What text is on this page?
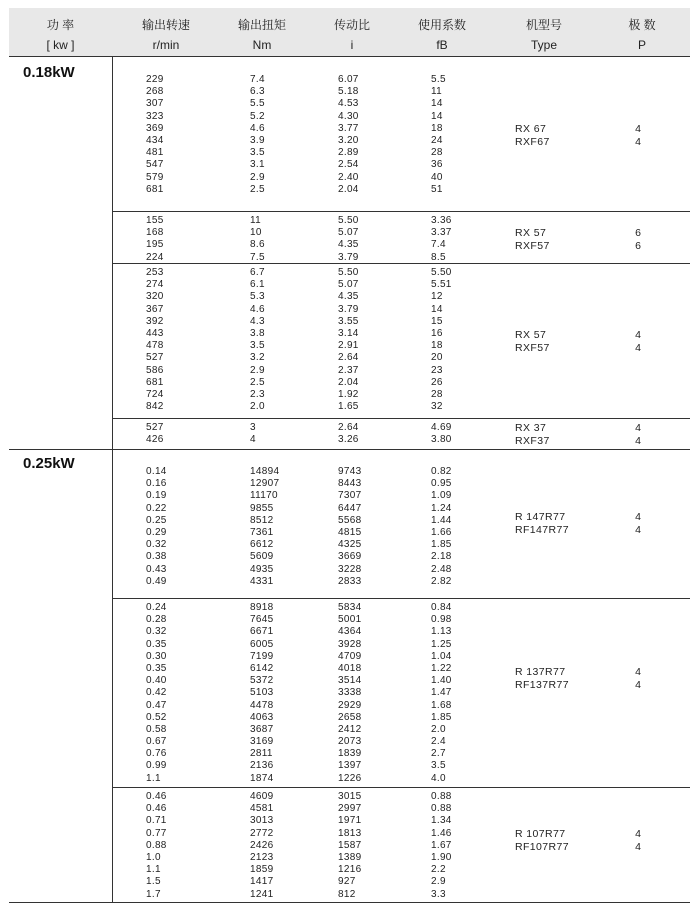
功 率
[ kw ]
输出转速
r/min
输出扭矩
Nm
传动比
i
使用系数
fB
机型号
Type
极 数
P
0.18kW	229
268
307
323
369
434
481
547
579
681
7.4
6.3
5.5
5.2
4.6
3.9
3.5
3.1
2.9
2.5
6.07
5.18
4.53
4.30
3.77
3.20
2.89
2.54
2.40
2.04
5.5
11
14
14
18
24
28
36
40
51
RX 67
RXF67
4
4
155
168
195
224
11
10
8.6
7.5
5.50
5.07
4.35
3.79
3.36
3.37
7.4
8.5
RX 57
RXF57
6
6
253
274
320
367
392
443
478
527
586
681
724
842
6.7
6.1
5.3
4.6
4.3
3.8
3.5
3.2
2.9
2.5
2.3
2.0
5.50
5.07
4.35
3.79
3.55
3.14
2.91
2.64
2.37
2.04
1.92
1.65
5.50
5.51
12
14
15
16
18
20
23
26
28
32
RX 57
RXF57
4
4
527
426
3
4
2.64
3.26
4.69
3.80
RX 37
RXF37
4
4
0.25kW	0.14
0.16
0.19
0.22
0.25
0.29
0.32
0.38
0.43
0.49
14894
12907
11170
9855
8512
7361
6612
5609
4935
4331
9743
8443
7307
6447
5568
4815
4325
3669
3228
2833
0.82
0.95
1.09
1.24
1.44
1.66
1.85
2.18
2.48
2.82
R 147R77
RF147R77
4
4
0.24
0.28
0.32
0.35
0.30
0.35
0.40
0.42
0.47
0.52
0.58
0.67
0.76
0.99
1.1
8918
7645
6671
6005
7199
6142
5372
5103
4478
4063
3687
3169
2811
2136
1874
5834
5001
4364
3928
4709
4018
3514
3338
2929
2658
2412
2073
1839
1397
1226
0.84
0.98
1.13
1.25
1.04
1.22
1.40
1.47
1.68
1.85
2.0
2.4
2.7
3.5
4.0
R 137R77
RF137R77
4
4
0.46
0.46
0.71
0.77
0.88
1.0
1.1
1.5
1.7
4609
4581
3013
2772
2426
2123
1859
1417
1241
3015
2997
1971
1813
1587
1389
1216
927
812
0.88
0.88
1.34
1.46
1.67
1.90
2.2
2.9
3.3
R 107R77
RF107R77
4
4
